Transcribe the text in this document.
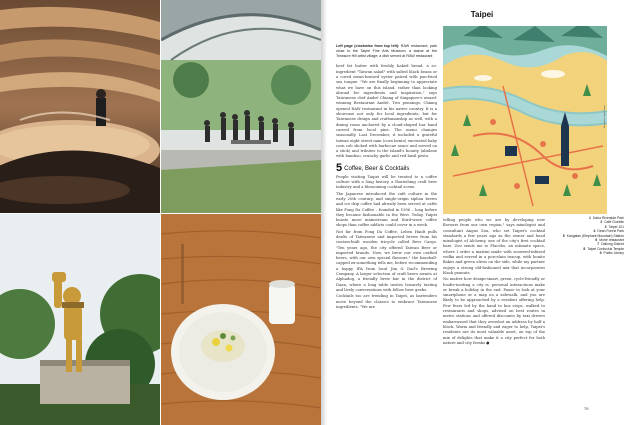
Taipei
Left page (clockwise from top left): RAW restaurant; park close to the Taipei Fine Arts Museum; a statue at the Treasure Hill artist village; a dish served at RAW restaurant

beef fat butter with freshly baked bread, a so-ingredient "Taiwan salad" with salted black beans or a cured mean-braised oyster paired with pan-fried sea tongue. "We are finally beginning to appreciate what we have on this island, rather than looking abroad for ingredients and inspiration," says Taiwanese chef André Chiang of Singapore's award-winning Restaurant André. Two pennings, Chiang opened RAW restaurant in his native country. It is a showcase not only for local ingredients, but for Taiwanese design and craftsmanship as well, with a dining room anchored by a cloud-shaped bar hand carved from local pine. The menu changes seasonally. Last December, it included a grateful taiwan eight street nam (corn bento) encrusted baby corn cob slicked with barbecue sauce and served on a stick) and tributes to the island's bounty (abalone with bamboo, crunchy garlic and red basil pesto.

5 Coffee, Beer & Cocktails

People visiting Taipei will be treated to a coffee culture with a long history, a flourishing craft beer industry and a blossoming cocktail scene.

The Japanese introduced the café culture in the early 20th century, and single-origin siphon brews and ice drip coffee had already been served at cafés like Fong Da Coffee – founded in 1956 – long before they became fashionable in the West. Today, Taipei boasts more mainstream and third-wave coffee shops than coffee addicts could cover in a week.

Not far from Fong Da Coffee, Leben Haidt pulls drafts of Taiwanese and imported brews from his custom-built wooden tricycle called Beer Cargo. "Ten years ago, the city offered Taiwan Beer or imported brands. Now, we brew our own crafted beers, with our own special flavours," the baseball-capped ex-something tells me, before recommending a hoppy IPA from local Jim & Dad's Brewing Company. A larger selection of craft beers awaits at Alphadog, a friendly brew bar in the district of Daan, where a long table invites leisurely tasting and lively conversations with fellow beer geeks.

Cocktails too are trending in Taipei, as bartenders move beyond the classics to embrace Taiwanese ingredients. "We are

Illustration: Ingrid Taipei

telling people who we are by developing new flavours from our own region," says mixologist and consultant Angus Zou, who set Taipei's cocktail standards a few years ago as the owner and head mixologist of Alchemy, one of the city's first cocktail bars. Zou sends me to Placebo, an intimate space, where I order a martini made with seaweed-infused vodka and served in a porcelain teacup, with bonito flakes and green olives on the side, while my partner enjoys a strong old-fashioned mix that incorporates black peanuts.

No matter how design-smart, green, cycle-friendly or foodie-inviting a city is, personal interactions make or break a holiday in the end. Pause to look at your smartphone or a map on a sidewalk, and you are likely to be approached by a resident offering help. Few fears led by the hand to bus stops, walked to restaurants and shops, advised on best routes in metro stations and offered discounts by taxi drivers embarrassed that they overshot an address by half a block. Warm and friendly and eager to help, Taipei's residents are its most valuable asset, on top of the mix of delights that make it a city perfect for both nature and city freaks ●

1 Daha Riverside Park
2 Café Gueidie
3 Taipei 101
4 Dean Forest Park
5 Kangalan (Elephant Mountain) Station
6 Mohe restaurant
7 Dailong District
8 Taipei Confucius Temple
9 Public Library
79
